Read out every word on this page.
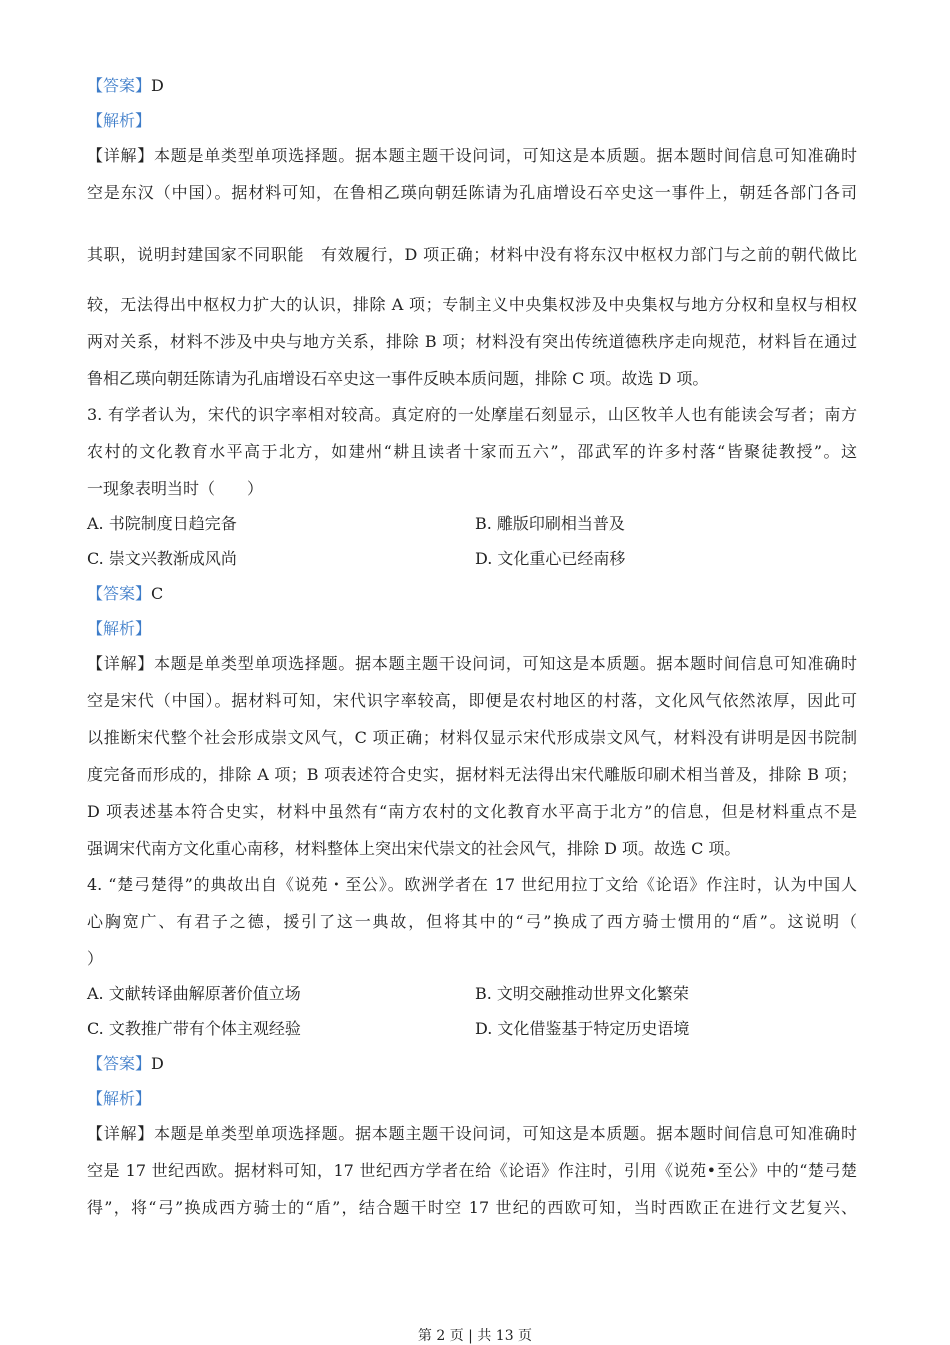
【答案】D
【解析】
【详解】本题是单类型单项选择题。据本题主题干设问词，可知这是本质题。据本题时间信息可知准确时
空是东汉（中国）。据材料可知，在鲁相乙瑛向朝廷陈请为孔庙增设石卒史这一事件上，朝廷各部门各司
其职，说明封建国家不同职能　有效履行，D 项正确；材料中没有将东汉中枢权力部门与之前的朝代做比
较，无法得出中枢权力扩大的认识，排除 A 项；专制主义中央集权涉及中央集权与地方分权和皇权与相权
两对关系，材料不涉及中央与地方关系，排除 B 项；材料没有突出传统道德秩序走向规范，材料旨在通过
鲁相乙瑛向朝廷陈请为孔庙增设石卒史这一事件反映本质问题，排除 C 项。故选 D 项。
3. 有学者认为，宋代的识字率相对较高。真定府的一处摩崖石刻显示，山区牧羊人也有能读会写者；南方
农村的文化教育水平高于北方，如建州“耕且读者十家而五六”，邵武军的许多村落“皆聚徒教授”。这
一现象表明当时（　　）
【答案】C
【解析】
【详解】本题是单类型单项选择题。据本题主题干设问词，可知这是本质题。据本题时间信息可知准确时
空是宋代（中国）。据材料可知，宋代识字率较高，即便是农村地区的村落，文化风气依然浓厚，因此可
以推断宋代整个社会形成崇文风气，C 项正确；材料仅显示宋代形成崇文风气，材料没有讲明是因书院制
度完备而形成的，排除 A 项；B 项表述符合史实，据材料无法得出宋代雕版印刷术相当普及，排除 B 项；
D 项表述基本符合史实，材料中虽然有“南方农村的文化教育水平高于北方”的信息，但是材料重点不是
强调宋代南方文化重心南移，材料整体上突出宋代崇文的社会风气，排除 D 项。故选 C 项。
4. “楚弓楚得”的典故出自《说苑・至公》。欧洲学者在 17 世纪用拉丁文给《论语》作注时，认为中国人
心胸宽广、有君子之德，援引了这一典故，但将其中的“弓”换成了西方骑士惯用的“盾”。这说明（
）
【答案】D
【解析】
【详解】本题是单类型单项选择题。据本题主题干设问词，可知这是本质题。据本题时间信息可知准确时
空是 17 世纪西欧。据材料可知，17 世纪西方学者在给《论语》作注时，引用《说苑•至公》中的“楚弓楚
得”，将“弓”换成西方骑士的“盾”，结合题干时空 17 世纪的西欧可知，当时西欧正在进行文艺复兴、
A. 书院制度日趋完备	B. 雕版印刷相当普及
C. 崇文兴教渐成风尚	D. 文化重心已经南移
A. 文献转译曲解原著价值立场	B. 文明交融推动世界文化繁荣
C. 文教推广带有个体主观经验	D. 文化借鉴基于特定历史语境
第 2 页 | 共 13 页
